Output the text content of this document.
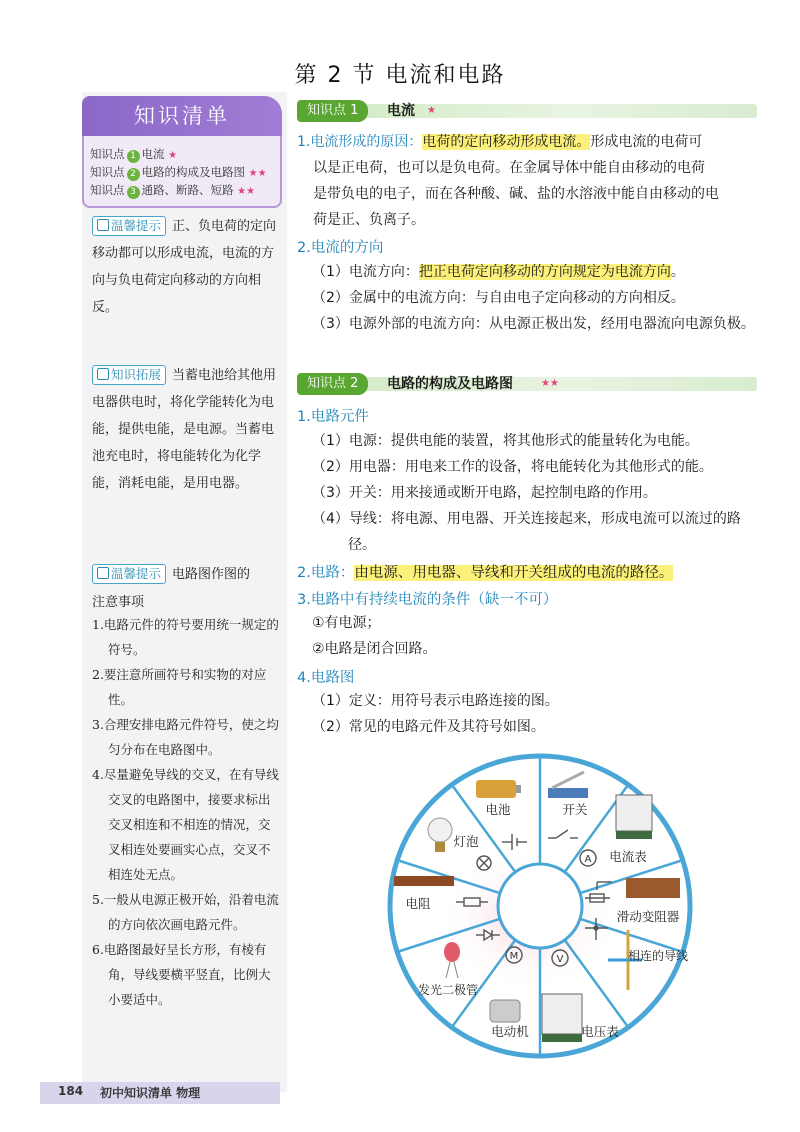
第 2 节 电流和电路
知识清单
知识点 1 电流 ★
知识点 2 电路的构成及电路图 ★★
知识点 3 通路、断路、短路 ★★
温馨提示 正、负电荷的定向移动都可以形成电流，电流的方向与负电荷定向移动的方向相反。
知识拓展 当蓄电池给其他用电器供电时，将化学能转化为电能，提供电能，是电源。当蓄电池充电时，将电能转化为化学能，消耗电能，是用电器。
温馨提示 电路图作图的
注意事项
1.电路元件的符号要用统一规定的符号。
2.要注意所画符号和实物的对应性。
3.合理安排电路元件符号，使之均匀分布在电路图中。
4.尽量避免导线的交叉，在有导线交叉的电路图中，接要求标出交叉相连和不相连的情况，交叉相连处要画实心点，交叉不相连处无点。
5.一般从电源正极开始，沿着电流的方向依次画电路元件。
6.电路图最好呈长方形，有棱有角，导线要横平竖直，比例大小要适中。
知识点 1	电流 ★
1.电流形成的原因：电荷的定向移动形成电流。形成电流的电荷可
以是正电荷，也可以是负电荷。在金属导体中能自由移动的电荷
是带负电的电子，而在各种酸、碱、盐的水溶液中能自由移动的电
荷是正、负离子。
2.电流的方向
（1）电流方向：把正电荷定向移动的方向规定为电流方向。
（2）金属中的电流方向：与自由电子定向移动的方向相反。
（3）电源外部的电流方向：从电源正极出发，经用电器流向电源负极。
知识点 2	电路的构成及电路图	★★
1.电路元件
（1）电源：提供电能的装置，将其他形式的能量转化为电能。
（2）用电器：用电来工作的设备，将电能转化为其他形式的能。
（3）开关：用来接通或断开电路，起控制电路的作用。
（4）导线：将电源、用电器、开关连接起来，形成电流可以流过的路径。
2.电路：由电源、用电器、导线和开关组成的电流的路径。
3.电路中有持续电流的条件（缺一不可）
①有电源；
②电路是闭合回路。
4.电路图
（1）定义：用符号表示电路连接的图。
（2）常见的电路元件及其符号如图。
A
V
M
电池	开关
电流表
滑动变阻器
相连的导线
电压表
电动机
发光二极管
电阻
灯泡
184 初中知识清单 物理
